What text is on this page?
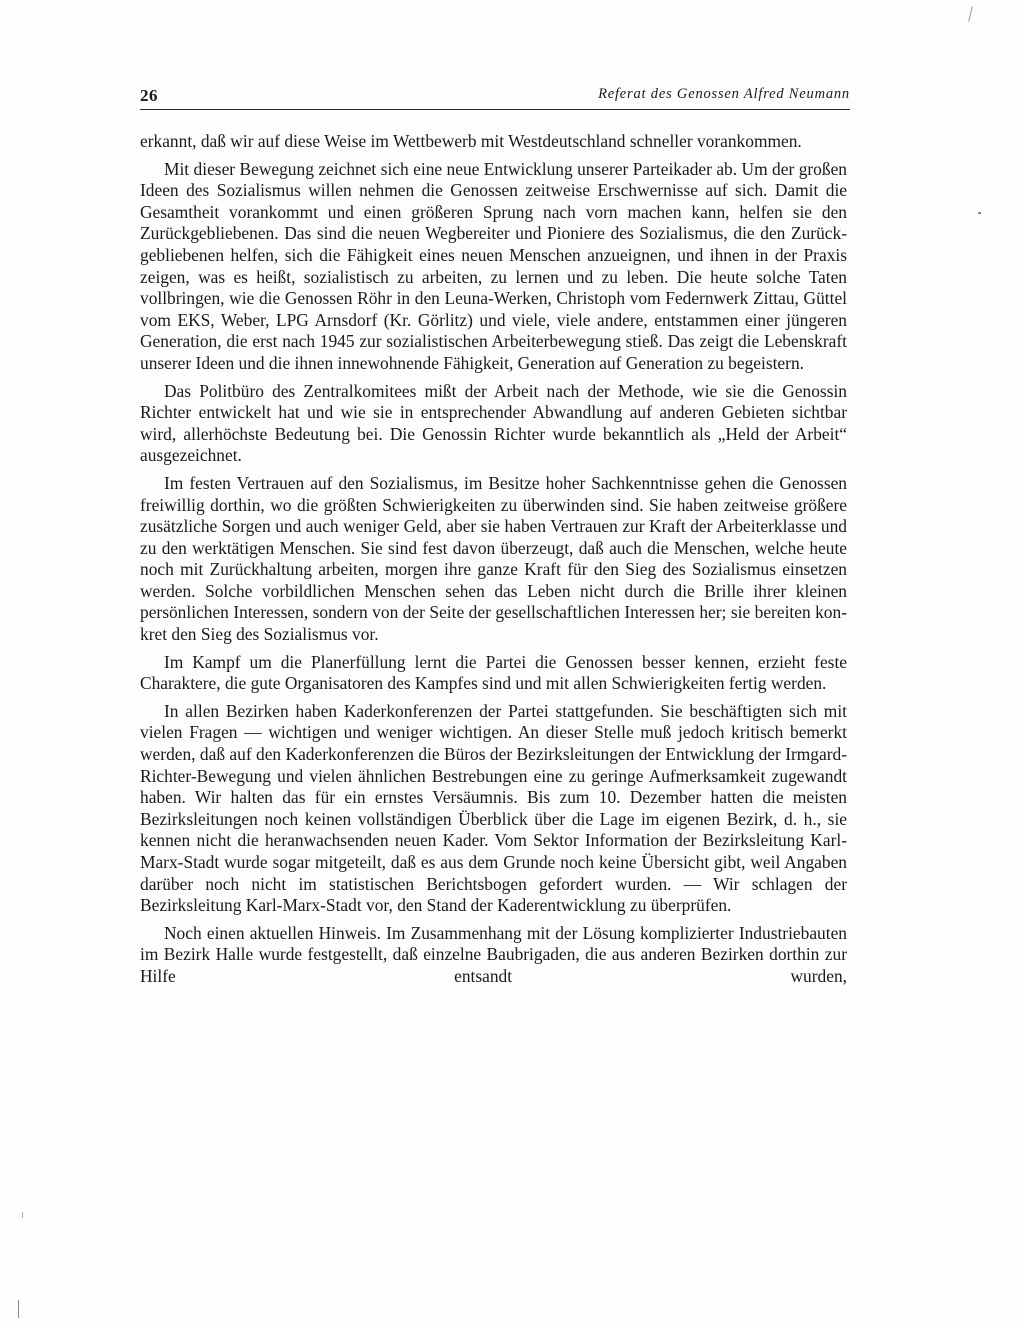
26	Referat des Genossen Alfred Neumann

erkannt, daß wir auf diese Weise im Wettbewerb mit Westdeutschland schneller vorankommen.

Mit dieser Bewegung zeichnet sich eine neue Entwicklung unserer Parteikader ab. Um der großen Ideen des Sozialismus willen nehmen die Genossen zeitweise Erschwernisse auf sich. Damit die Gesamtheit vorankommt und einen größeren Sprung nach vorn machen kann, helfen sie den Zurückgebliebenen. Das sind die neuen Wegbereiter und Pioniere des Sozialismus, die den Zurückgebliebenen helfen, sich die Fähigkeit eines neuen Menschen anzueignen, und ihnen in der Praxis zeigen, was es heißt, sozialistisch zu arbeiten, zu lernen und zu leben. Die heute solche Taten vollbringen, wie die Genossen Röhr in den Leuna-Werken, Christoph vom Federnwerk Zittau, Güttel vom EKS, Weber, LPG Arnsdorf (Kr. Görlitz) und viele, viele andere, entstammen einer jüngeren Generation, die erst nach 1945 zur sozialistischen Arbeiterbewegung stieß. Das zeigt die Lebenskraft unserer Ideen und die ihnen innewohnende Fähigkeit, Generation auf Generation zu begeistern.

Das Politbüro des Zentralkomitees mißt der Arbeit nach der Methode, wie sie die Genossin Richter entwickelt hat und wie sie in entsprechender Abwandlung auf anderen Gebieten sichtbar wird, allerhöchste Bedeutung bei. Die Genossin Richter wurde bekanntlich als „Held der Arbeit“ ausgezeichnet.

Im festen Vertrauen auf den Sozialismus, im Besitze hoher Sachkenntnisse gehen die Genossen freiwillig dorthin, wo die größten Schwierigkeiten zu überwinden sind. Sie haben zeitweise größere zusätzliche Sorgen und auch weniger Geld, aber sie haben Vertrauen zur Kraft der Arbeiterklasse und zu den werktätigen Menschen. Sie sind fest davon überzeugt, daß auch die Menschen, welche heute noch mit Zurückhaltung arbeiten, morgen ihre ganze Kraft für den Sieg des Sozialismus einsetzen werden. Solche vorbildlichen Menschen sehen das Leben nicht durch die Brille ihrer kleinen persönlichen Interessen, sondern von der Seite der gesellschaftlichen Interessen her; sie bereiten konkret den Sieg des Sozialismus vor.

Im Kampf um die Planerfüllung lernt die Partei die Genossen besser kennen, erzieht feste Charaktere, die gute Organisatoren des Kampfes sind und mit allen Schwierigkeiten fertig werden.

In allen Bezirken haben Kaderkonferenzen der Partei stattgefunden. Sie beschäftigten sich mit vielen Fragen — wichtigen und weniger wichtigen. An dieser Stelle muß jedoch kritisch bemerkt werden, daß auf den Kaderkonferenzen die Büros der Bezirksleitungen der Entwicklung der Irmgard-Richter-Bewegung und vielen ähnlichen Bestrebungen eine zu geringe Aufmerksamkeit zugewandt haben. Wir halten das für ein ernstes Versäumnis. Bis zum 10. Dezember hatten die meisten Bezirksleitungen noch keinen vollständigen Überblick über die Lage im eigenen Bezirk, d. h., sie kennen nicht die heranwachsenden neuen Kader. Vom Sektor Information der Bezirksleitung Karl-Marx-Stadt wurde sogar mitgeteilt, daß es aus dem Grunde noch keine Übersicht gibt, weil Angaben darüber noch nicht im statistischen Berichtsbogen gefordert wurden. — Wir schlagen der Bezirksleitung Karl-Marx-Stadt vor, den Stand der Kaderentwicklung zu überprüfen.

Noch einen aktuellen Hinweis. Im Zusammenhang mit der Lösung komplizierter Industriebauten im Bezirk Halle wurde festgestellt, daß einzelne Baubrigaden, die aus anderen Bezirken dorthin zur Hilfe entsandt wurden,
